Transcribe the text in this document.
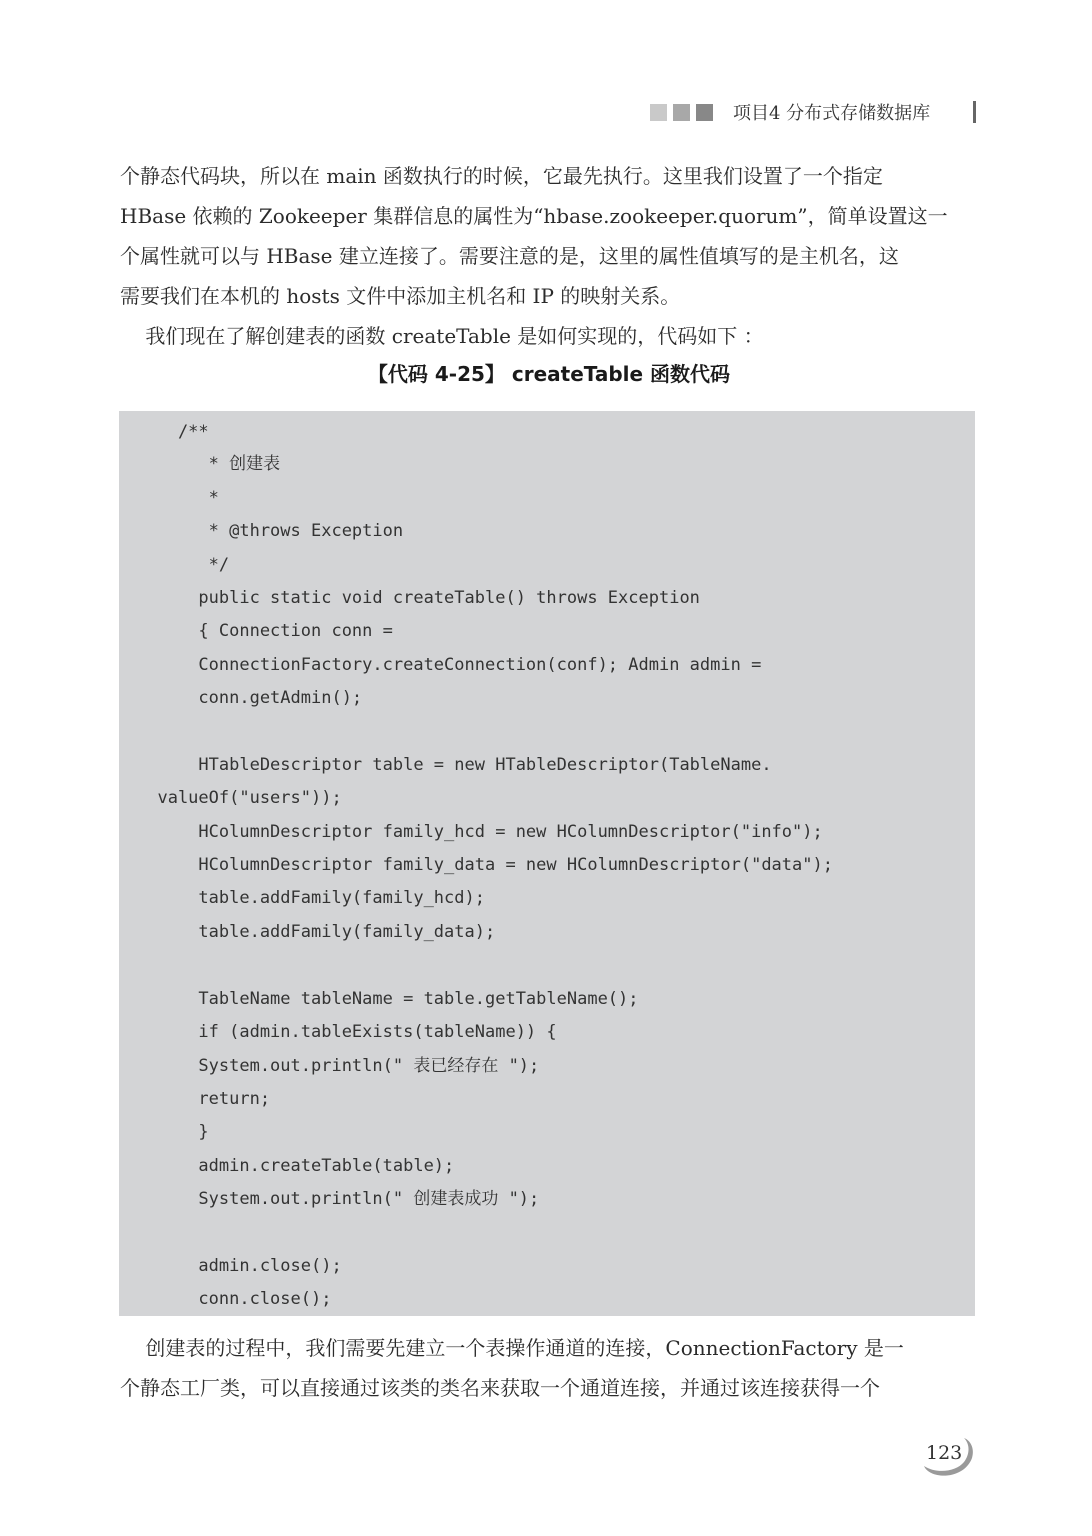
项目4 分布式存储数据库
个静态代码块，所以在 main 函数执行的时候，它最先执行。这里我们设置了一个指定
HBase 依赖的 Zookeeper 集群信息的属性为“hbase.zookeeper.quorum”，简单设置这一
个属性就可以与 HBase 建立连接了。需要注意的是，这里的属性值填写的是主机名，这
需要我们在本机的 hosts 文件中添加主机名和 IP 的映射关系。
我们现在了解创建表的函数 createTable 是如何实现的，代码如下 ：
【代码 4-25】 createTable 函数代码
/**
* 创建表
*
* @throws Exception
*/
public static void createTable() throws Exception
{ Connection conn =
ConnectionFactory.createConnection(conf); Admin admin =
conn.getAdmin();
HTableDescriptor table = new HTableDescriptor(TableName.
valueOf("users"));
HColumnDescriptor family_hcd = new HColumnDescriptor("info");
HColumnDescriptor family_data = new HColumnDescriptor("data");
table.addFamily(family_hcd);
table.addFamily(family_data);
TableName tableName = table.getTableName();
if (admin.tableExists(tableName)) {
System.out.println(" 表已经存在 ");
return;
}
admin.createTable(table);
System.out.println(" 创建表成功 ");
admin.close();
conn.close();
创建表的过程中，我们需要先建立一个表操作通道的连接，ConnectionFactory 是一
个静态工厂类，可以直接通过该类的类名来获取一个通道连接，并通过该连接获得一个
123
